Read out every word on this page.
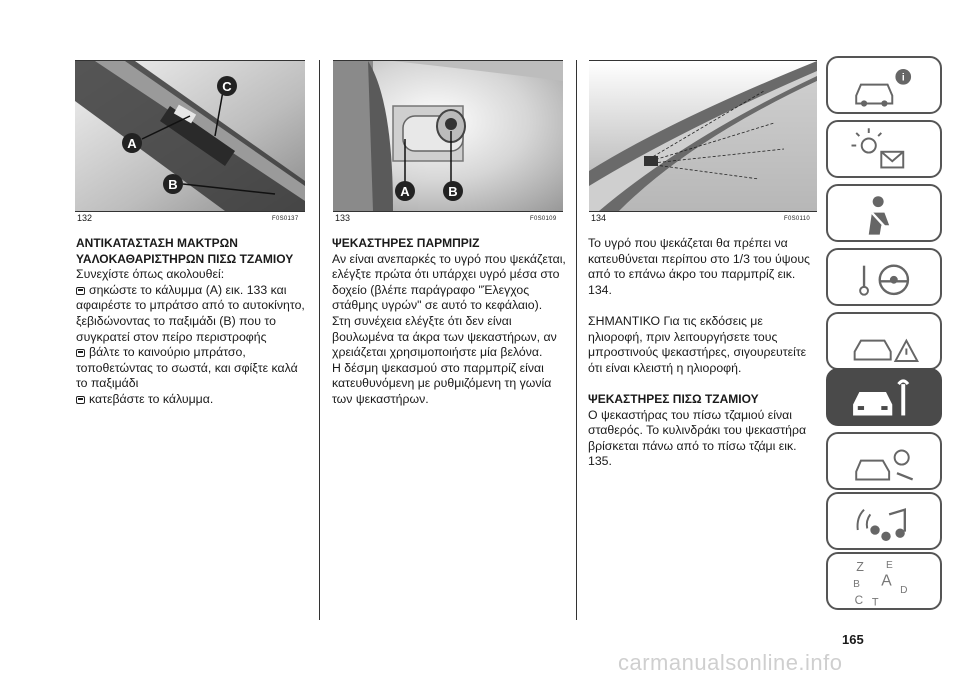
A
B
C
132	F0S0137

ΑΝΤΙΚΑΤΑΣΤΑΣΗ ΜΑΚΤΡΩΝ ΥΑΛΟΚΑΘΑΡΙΣΤΗΡΩΝ ΠΙΣΩ ΤΖΑΜΙΟΥ

Συνεχίστε όπως ακολουθεί:

σηκώστε το κάλυμμα (A) εικ. 133 και αφαιρέστε το μπράτσο από το αυτοκίνητο, ξεβιδώνοντας το παξιμάδι (B) που το συγκρατεί στον πείρο περιστροφής

βάλτε το καινούριο μπράτσο, τοποθετώντας το σωστά, και σφίξτε καλά το παξιμάδι

κατεβάστε το κάλυμμα.

A	B
133	F0S0109

ΨΕΚΑΣΤΗΡΕΣ ΠΑΡΜΠΡΙΖ

Αν είναι ανεπαρκές το υγρό που ψεκάζεται, ελέγξτε πρώτα ότι υπάρχει υγρό μέσα στο δοχείο (βλέπε παράγραφο "Έλεγχος στάθμης υγρών" σε αυτό το κεφάλαιο).

Στη συνέχεια ελέγξτε ότι δεν είναι βουλωμένα τα άκρα των ψεκαστήρων, αν χρειάζεται χρησιμοποιήστε μία βελόνα.

Η δέσμη ψεκασμού στο παρμπρίζ είναι κατευθυνόμενη με ρυθμιζόμενη τη γωνία των ψεκαστήρων.

134	F0S0110

Το υγρό που ψεκάζεται θα πρέπει να κατευθύνεται περίπου στο 1/3 του ύψους από το επάνω άκρο του παρμπρίζ εικ. 134.

ΣΗΜΑΝΤΙΚΟ Για τις εκδόσεις με ηλιοροφή, πριν λειτουργήσετε τους μπροστινούς ψεκαστήρες, σιγουρευτείτε ότι είναι κλειστή η ηλιοροφή.

ΨΕΚΑΣΤΗΡΕΣ ΠΙΣΩ ΤΖΑΜΙΟΥ

Ο ψεκαστήρας του πίσω τζαμιού είναι σταθερός. Το κυλινδράκι του ψεκαστήρα βρίσκεται πάνω από το πίσω τζάμι εικ. 135.

i
Z E
B A
C
D
T
165
carmanualsonline.info
